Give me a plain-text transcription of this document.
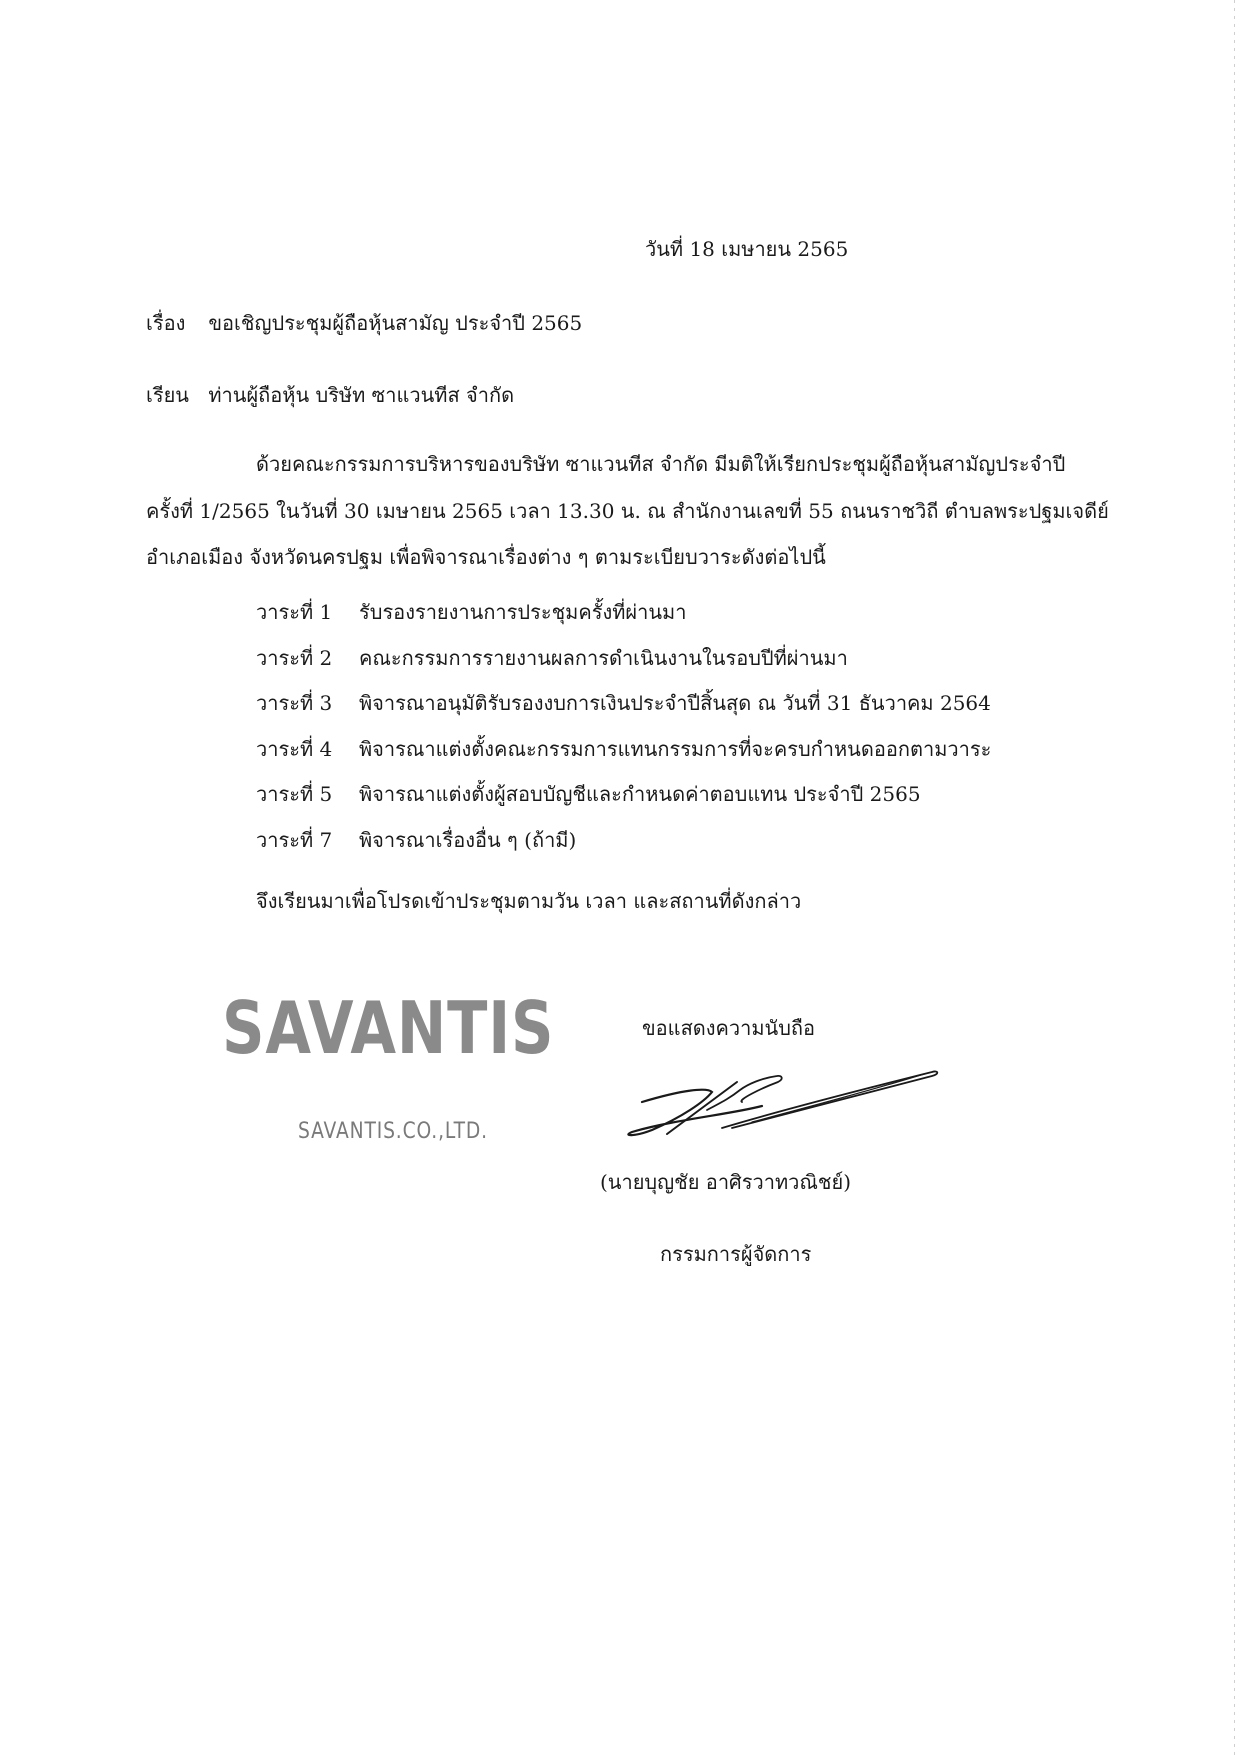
วันที่ 18 เมษายน 2565
เรื่อง ขอเชิญประชุมผู้ถือหุ้นสามัญ ประจำปี 2565
เรียน ท่านผู้ถือหุ้น บริษัท ซาแวนทีส จำกัด
ด้วยคณะกรรมการบริหารของบริษัท ซาแวนทีส จำกัด มีมติให้เรียกประชุมผู้ถือหุ้นสามัญประจำปี
ครั้งที่ 1/2565 ในวันที่ 30 เมษายน 2565 เวลา 13.30 น. ณ สำนักงานเลขที่ 55 ถนนราชวิถี ตำบลพระปฐมเจดีย์
อำเภอเมือง จังหวัดนครปฐม เพื่อพิจารณาเรื่องต่าง ๆ ตามระเบียบวาระดังต่อไปนี้
วาระที่ 1 รับรองรายงานการประชุมครั้งที่ผ่านมา
วาระที่ 2 คณะกรรมการรายงานผลการดำเนินงานในรอบปีที่ผ่านมา
วาระที่ 3 พิจารณาอนุมัติรับรองงบการเงินประจำปีสิ้นสุด ณ วันที่ 31 ธันวาคม 2564
วาระที่ 4 พิจารณาแต่งตั้งคณะกรรมการแทนกรรมการที่จะครบกำหนดออกตามวาระ
วาระที่ 5 พิจารณาแต่งตั้งผู้สอบบัญชีและกำหนดค่าตอบแทน ประจำปี 2565
วาระที่ 7 พิจารณาเรื่องอื่น ๆ (ถ้ามี)
จึงเรียนมาเพื่อโปรดเข้าประชุมตามวัน เวลา และสถานที่ดังกล่าว
SAVANTIS
SAVANTIS.CO.,LTD.
ขอแสดงความนับถือ
(นายบุญชัย อาศิรวาทวณิชย์)
กรรมการผู้จัดการ
